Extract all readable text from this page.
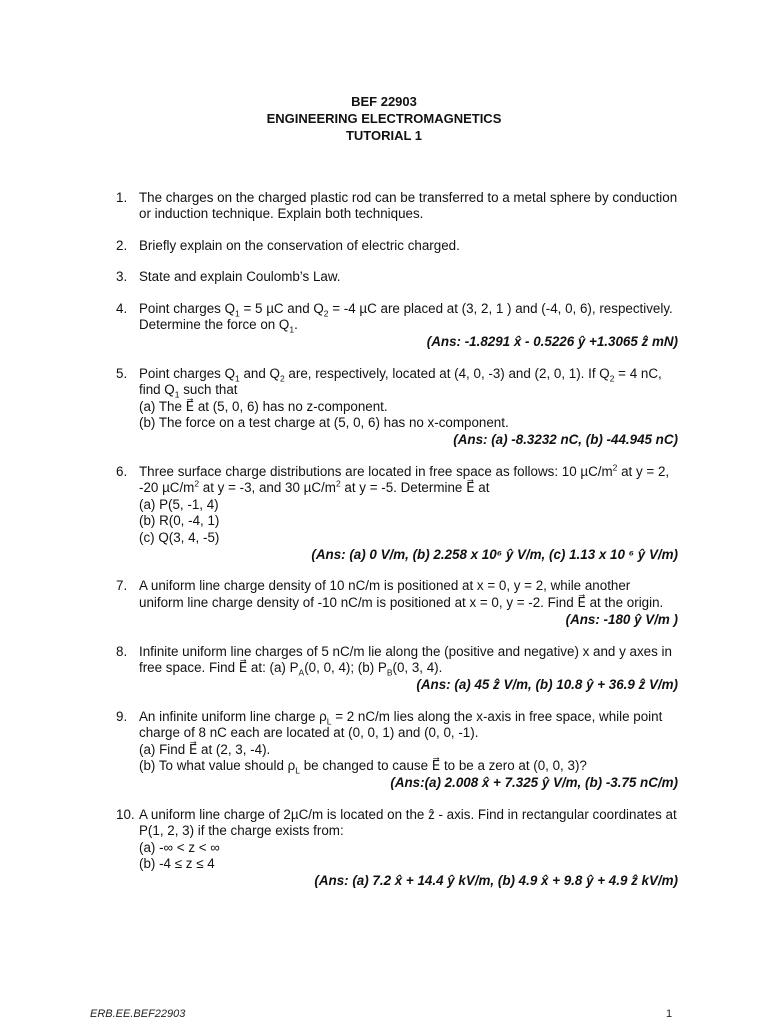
BEF 22903
ENGINEERING ELECTROMAGNETICS
TUTORIAL 1
1. The charges on the charged plastic rod can be transferred to a metal sphere by conduction or induction technique. Explain both techniques.
2. Briefly explain on the conservation of electric charged.
3. State and explain Coulomb’s Law.
4. Point charges $Q_1 = 5$ µC and $Q_2 = -4$ µC are placed at (3, 2, 1 ) and (-4, 0, 6), respectively. Determine the force on $Q_1$.
(Ans: -1.8291 x̂ - 0.5226 ŷ +1.3065 ẑ mN)
5. Point charges $Q_1$ and $Q_2$ are, respectively, located at (4, 0, -3) and (2, 0, 1). If $Q_2 = 4$ nC, find $Q_1$ such that
(a) The E⃗ at (5, 0, 6) has no z-component.
(b) The force on a test charge at (5, 0, 6) has no x-component.
(Ans: (a) -8.3232 nC, (b) -44.945 nC)
6. Three surface charge distributions are located in free space as follows: 10 $\mu C/m^2$ at y = 2, -20 $\mu C/m^2$ at y = -3, and 30 $\mu C/m^2$ at y = -5. Determine E⃗ at
(a) P(5, -1, 4)
(b) R(0, -4, 1)
(c) Q(3, 4, -5)
(Ans: (a) 0 V/m, (b) 2.258 x 10⁶ ŷ V/m, (c) 1.13 x 10 ⁶ ŷ V/m)
7. A uniform line charge density of 10 nC/m is positioned at x = 0, y = 2, while another uniform line charge density of -10 nC/m is positioned at x = 0, y = -2. Find E⃗ at the origin.
(Ans: -180 ŷ V/m )
8. Infinite uniform line charges of 5 nC/m lie along the (positive and negative) x and y axes in free space. Find E⃗ at: (a) $P_A(0$, 0, 4); (b) $P_B(0$, 3, 4).
(Ans: (a) 45 ẑ V/m, (b) 10.8 ŷ + 36.9 ẑ V/m)
9. An infinite uniform line charge $\rho_L = 2$ nC/m lies along the x-axis in free space, while point charge of 8 nC each are located at (0, 0, 1) and (0, 0, -1).
(a) Find E⃗ at (2, 3, -4).
(b) To what value should $\rho_L$ be changed to cause E⃗ to be a zero at (0, 0, 3)?
(Ans:(a) 2.008 x̂ + 7.325 ŷ V/m, (b) -3.75 nC/m)
10. A uniform line charge of 2µC/m is located on the ẑ - axis. Find in rectangular coordinates at P(1, 2, 3) if the charge exists from:
(a) -∞ < z < ∞
(b) -4 ≤ z ≤ 4
(Ans: (a) 7.2 x̂ + 14.4 ŷ kV/m, (b) 4.9 x̂ + 9.8 ŷ + 4.9 ẑ kV/m)
ERB.EE.BEF22903	1
